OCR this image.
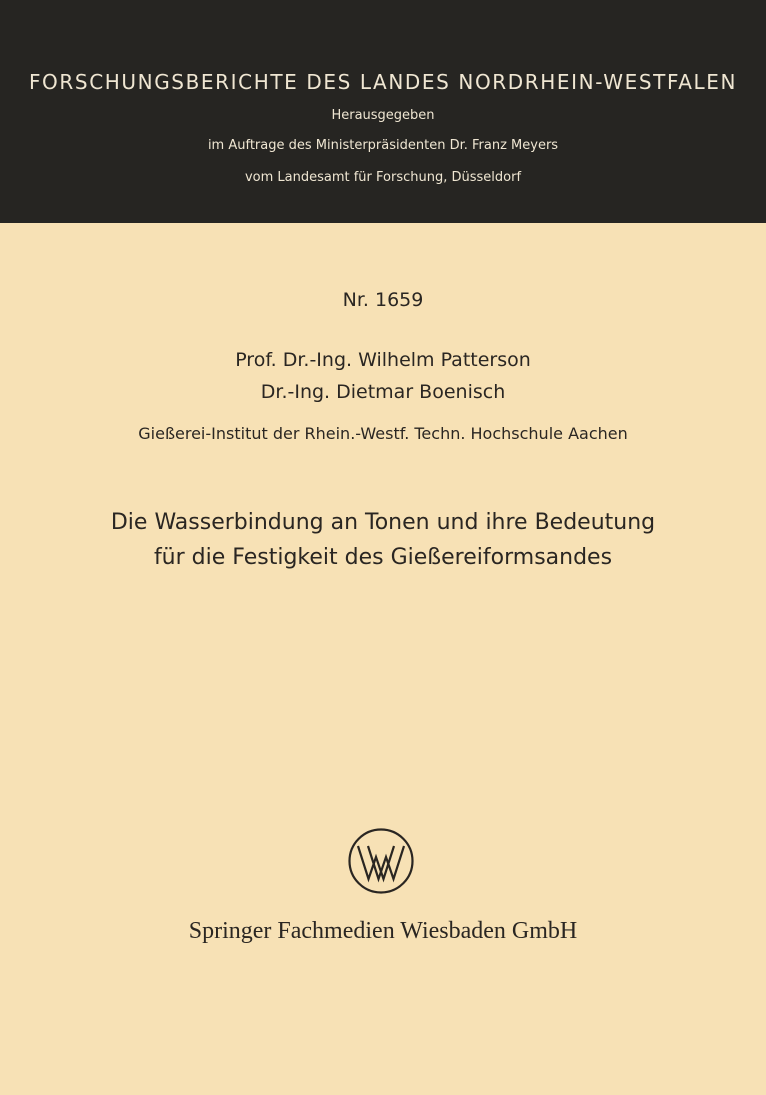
FORSCHUNGSBERICHTE DES LANDES NORDRHEIN-WESTFALEN
Herausgegeben
im Auftrage des Ministerpräsidenten Dr. Franz Meyers
vom Landesamt für Forschung, Düsseldorf
Nr. 1659
Prof. Dr.-Ing. Wilhelm Patterson
Dr.-Ing. Dietmar Boenisch
Gießerei-Institut der Rhein.-Westf. Techn. Hochschule Aachen
Die Wasserbindung an Tonen und ihre Bedeutung
für die Festigkeit des Gießereiformsandes
Springer Fachmedien Wiesbaden GmbH
